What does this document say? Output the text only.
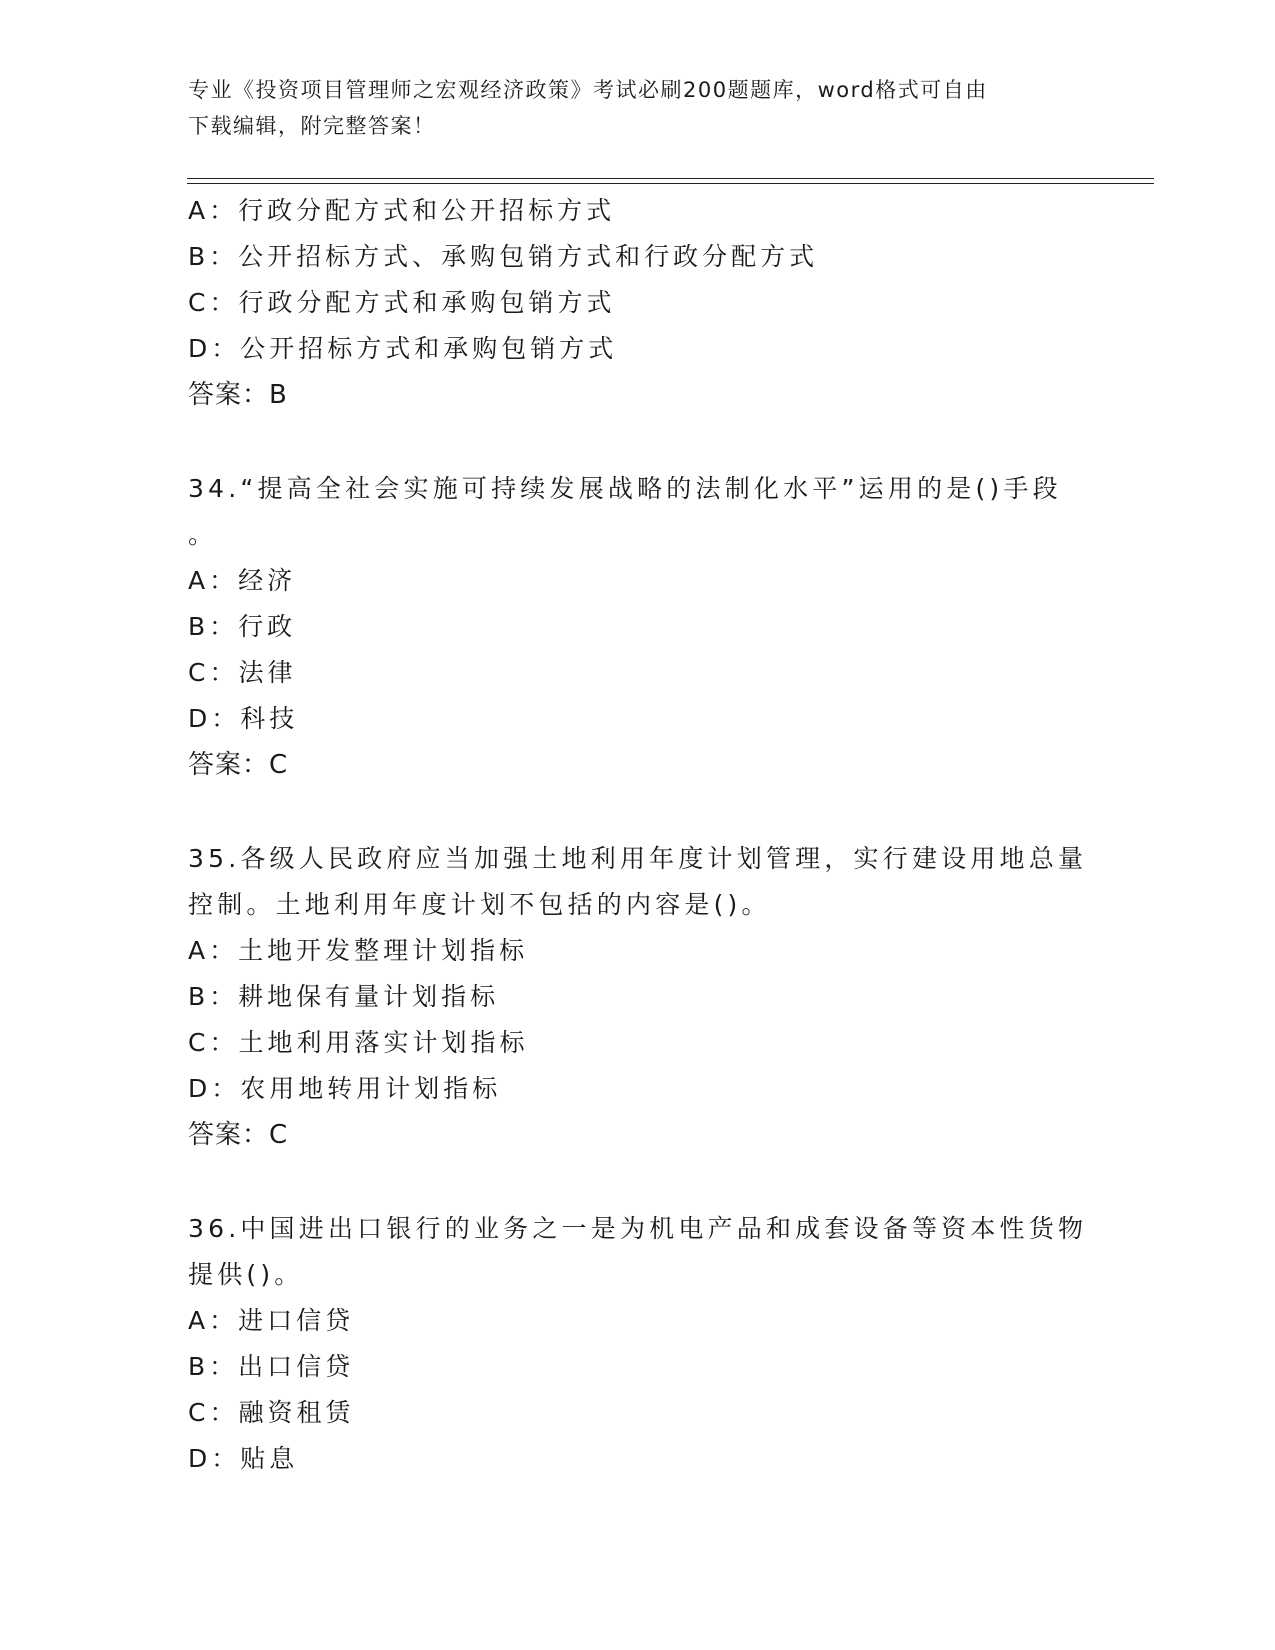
专业《投资项目管理师之宏观经济政策》考试必刷200题题库，word格式可自由
下载编辑，附完整答案！
A：行政分配方式和公开招标方式
B：公开招标方式、承购包销方式和行政分配方式
C：行政分配方式和承购包销方式
D：公开招标方式和承购包销方式
答案：B
34.“提高全社会实施可持续发展战略的法制化水平”运用的是()手段
。
A：经济
B：行政
C：法律
D：科技
答案：C
35.各级人民政府应当加强土地利用年度计划管理，实行建设用地总量
控制。土地利用年度计划不包括的内容是()。
A：土地开发整理计划指标
B：耕地保有量计划指标
C：土地利用落实计划指标
D：农用地转用计划指标
答案：C
36.中国进出口银行的业务之一是为机电产品和成套设备等资本性货物
提供()。
A：进口信贷
B：出口信贷
C：融资租赁
D：贴息
